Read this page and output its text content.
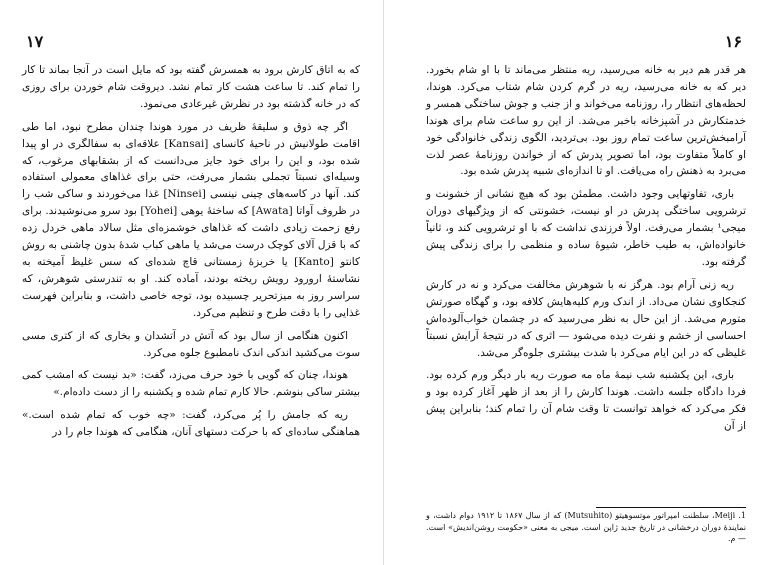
۱۷

که به اتاق کارش برود به همسرش گفته بود که مایل است در آنجا بماند تا کار را تمام کند. تا ساعت هشت کار تمام نشد. دیروقت شام خوردن برای روزی که در خانه گذشته بود در نظرش غیرعادی می‌نمود.

اگر چه ذوق و سلیقهٔ ظریف در مورد هوندا چندان مطرح نبود، اما طی اقامت طولانیش در ناحیهٔ کانسای [Kansai] علاقه‌ای به سفالگری در او پیدا شده بود، و این را برای خود جایز می‌دانست که از بشقابهای مرغوب، که وسیله‌ای نسبتاً تجملی بشمار می‌رفت، حتی برای غذاهای معمولی استفاده کند. آنها در کاسه‌های چینی نینسی [Ninsei] غذا می‌خوردند و ساکی شب را در ظروف آواتا [Awata] که ساختهٔ یوهی [Yohei] بود سرو می‌نوشیدند. برای رفع زحمت زیادی داشت که غذاهای خوشمزه‌ای مثل سالاد ماهی خردل زده که با قزل آلای کوچک درست می‌شد یا ماهی کباب شدهٔ بدون چاشنی به روش کانتو [Kanto] یا خربزهٔ زمستانی قاچ شده‌ای که سس غلیظ آمیخته به نشاستهٔ ارورود رویش ریخته بودند، آماده کند. او به تندرستی شوهرش، که سراسر روز به میزتحریر چسبیده بود، توجه خاصی داشت، و بنابراین فهرست غذایی را با دقت طرح و تنظیم می‌کرد.

اکنون هنگامی از سال بود که آتش در آتشدان و بخاری که از کتری مسی سوت می‌کشید اندکی اندک نامطبوع جلوه می‌کرد.

هوندا، چنان که گویی با خود حرف می‌زد، گفت: «بد نیست که امشب کمی بیشتر ساکی بنوشم. حالا کارم تمام شده و یکشنبه را از دست داده‌ام.»

ریه که جامش را پُر می‌کرد، گفت: «چه خوب که تمام شده است.» هماهنگی ساده‌ای که با حرکت دستهای آنان، هنگامی که هوندا جام را در

۱۶

هر قدر هم دیر به خانه می‌رسید، ریه منتظر می‌ماند تا با او شام بخورد. دیر که به خانه می‌رسید، ریه در گرم کردن شام شتاب می‌کرد. هوندا، لحظه‌های انتظار را، روزنامه می‌خواند و از جنب و جوش ساختگی همسر و خدمتکارش در آشپزخانه باخبر می‌شد. از این رو ساعت شام برای هوندا آرامبخش‌ترین ساعت تمام روز بود. بی‌تردید، الگوی زندگی خانوادگی خود او کاملاً متفاوت بود، اما تصویر پدرش که از خواندن روزنامهٔ عصر لذت می‌برد به ذهنش راه می‌یافت. او تا اندازه‌ای شبیه پدرش شده بود.

باری، تفاوتهایی وجود داشت. مطمئن بود که هیچ نشانی از خشونت و ترشرویی ساختگی پدرش در او نیست، خشونتی که از ویژگیهای دوران میجی¹ بشمار می‌رفت. اولاً فرزندی نداشت که با او ترشرویی کند و، ثانیاً خانواده‌اش، به طیب خاطر، شیوهٔ ساده و منظمی را برای زندگی پیش گرفته بود.

ریه زنی آرام بود. هرگز نه با شوهرش مخالفت می‌کرد و نه در کارش کنجکاوی نشان می‌داد. از اندک ورم کلیه‌هایش کلافه بود، و گهگاه صورتش متورم می‌شد. از این حال به نظر می‌رسید که در چشمان خواب‌آلوده‌اش احساسی از خشم و نفرت دیده می‌شود — اثری که در نتیجهٔ آرایش نسبتاً غلیظی که در این ایام می‌کرد با شدت بیشتری جلوه‌گر می‌شد.

باری، این یکشنبه شب نیمهٔ ماه مه صورت ریه بار دیگر ورم کرده بود. فردا دادگاه جلسه داشت. هوندا کارش را از بعد از ظهر آغاز کرده بود و فکر می‌کرد که خواهد توانست تا وقت شام آن را تمام کند؛ بنابراین پیش از آن

1. Meiji، سلطنت امپراتور موتسوهیتو (Mutsuhito) که از سال ۱۸۶۷ تا ۱۹۱۲ دوام داشت، و نمایندهٔ دوران درخشانی در تاریخ جدید ژاپن است. میجی به معنی «حکومت روشن‌اندیش» است. — م.
